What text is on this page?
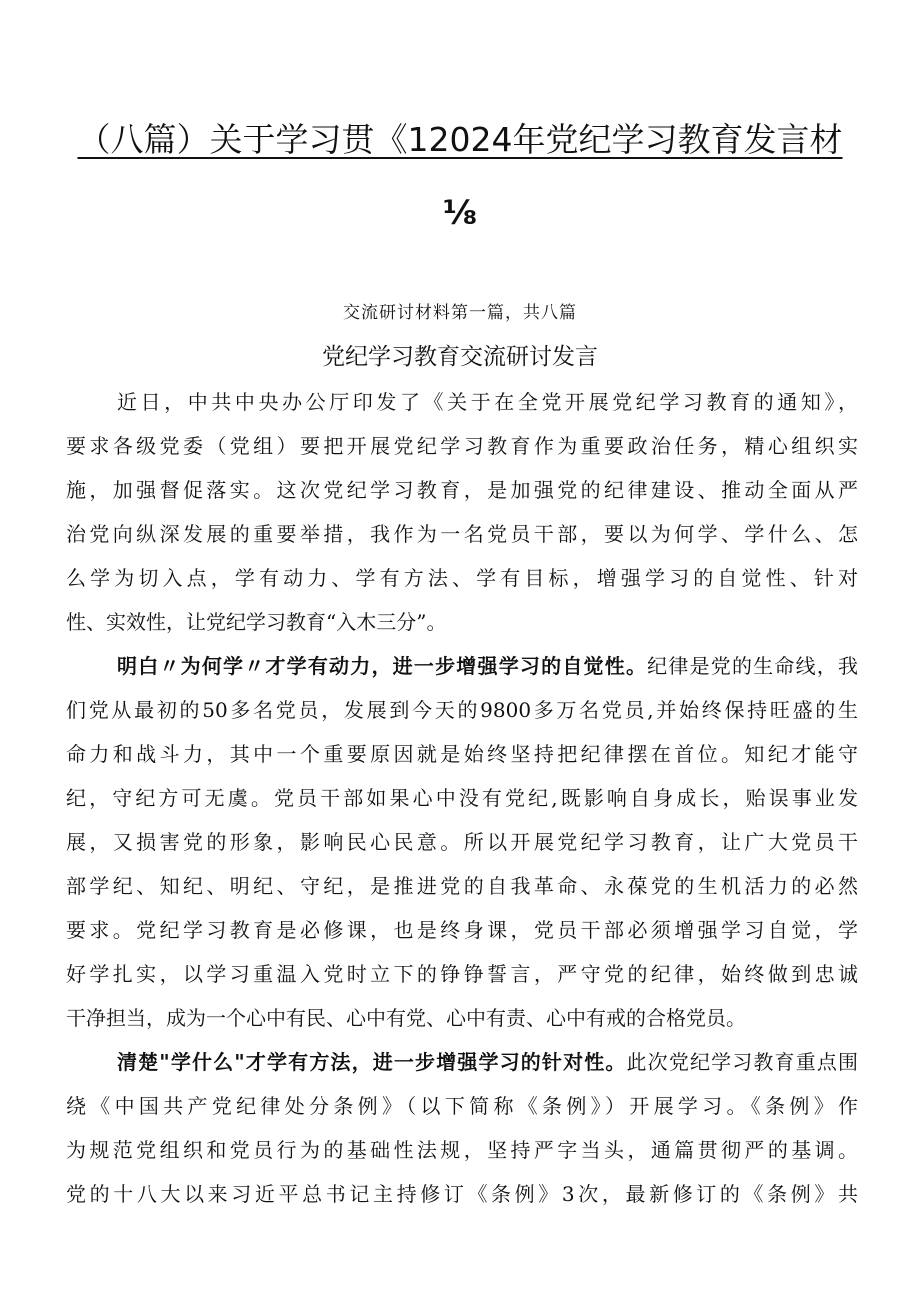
（八篇）关于学习贯《12024年党纪学习教育发言材
⅛
交流研讨材料第一篇，共八篇
党纪学习教育交流研讨发言
近日，中共中央办公厅印发了《关于在全党开展党纪学习教育的通知》，
要求各级党委（党组）要把开展党纪学习教育作为重要政治任务，精心组织实
施，加强督促落实。这次党纪学习教育，是加强党的纪律建设、推动全面从严
治党向纵深发展的重要举措，我作为一名党员干部，要以为何学、学什么、怎
么学为切入点，学有动力、学有方法、学有目标，增强学习的自觉性、针对
性、实效性，让党纪学习教育“入木三分”。
明白〃为何学〃才学有动力，进一步增强学习的自觉性。纪律是党的生命线，我
们党从最初的50多名党员，发展到今天的9800多万名党员,并始终保持旺盛的生
命力和战斗力，其中一个重要原因就是始终坚持把纪律摆在首位。知纪才能守
纪，守纪方可无虞。党员干部如果心中没有党纪,既影响自身成长，贻误事业发
展，又损害党的形象，影响民心民意。所以开展党纪学习教育，让广大党员干
部学纪、知纪、明纪、守纪，是推进党的自我革命、永葆党的生机活力的必然
要求。党纪学习教育是必修课，也是终身课，党员干部必须增强学习自觉，学
好学扎实，以学习重温入党时立下的铮铮誓言，严守党的纪律，始终做到忠诚
干净担当，成为一个心中有民、心中有党、心中有责、心中有戒的合格党员。
清楚"学什么"才学有方法，进一步增强学习的针对性。此次党纪学习教育重点围
绕《中国共产党纪律处分条例》（以下简称《条例》）开展学习。《条例》作
为规范党组织和党员行为的基础性法规，坚持严字当头，通篇贯彻严的基调。
党的十八大以来习近平总书记主持修订《条例》3次，最新修订的《条例》共
